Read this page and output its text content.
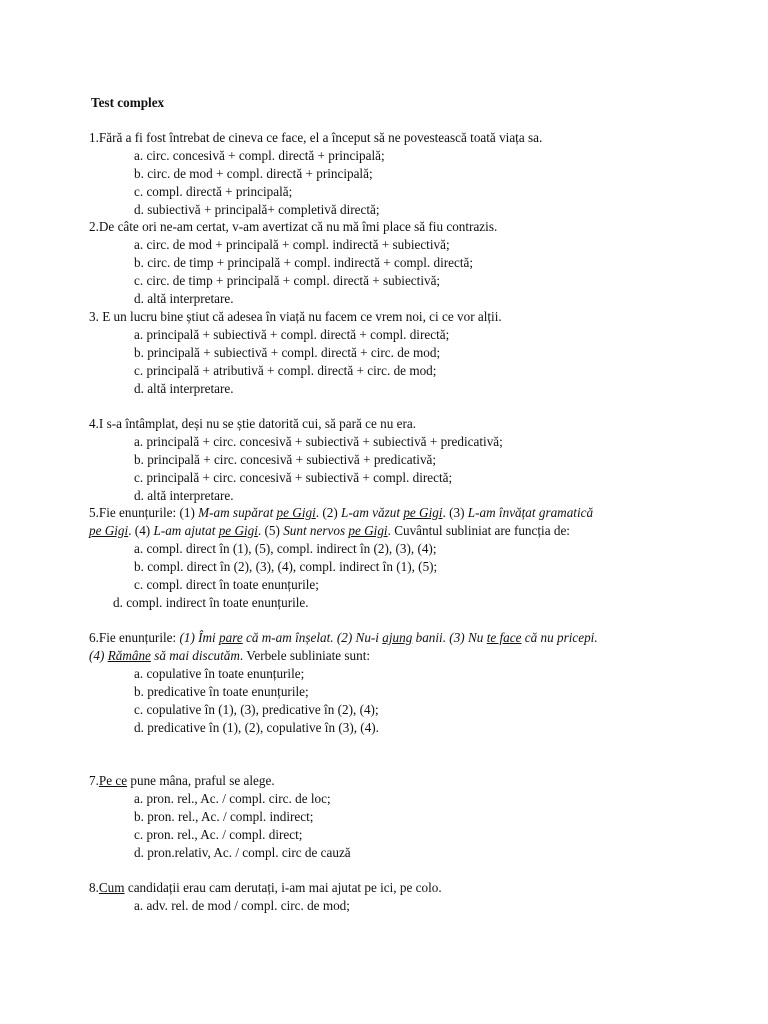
Test complex
1.Fără a fi fost întrebat de cineva ce face, el a început să ne povestească toată viața sa.
a. circ. concesivă + compl. directă + principală;
b. circ. de mod + compl. directă + principală;
c. compl. directă + principală;
d. subiectivă + principală+ completivă directă;
2.De câte ori ne-am certat, v-am avertizat că nu mă îmi place să fiu contrazis.
a. circ. de mod + principală + compl. indirectă + subiectivă;
b. circ. de timp + principală + compl. indirectă + compl. directă;
c. circ. de timp + principală + compl. directă + subiectivă;
d. altă interpretare.
3. E un lucru bine știut că adesea în viață nu facem ce vrem noi, ci ce vor alții.
a. principală + subiectivă + compl. directă + compl. directă;
b. principală + subiectivă + compl. directă + circ. de mod;
c. principală + atributivă + compl. directă + circ. de mod;
d. altă interpretare.
4.I s-a întâmplat, deși nu se știe datorită cui, să pară ce nu era.
a. principală + circ. concesivă + subiectivă + subiectivă + predicativă;
b. principală + circ. concesivă + subiectivă + predicativă;
c. principală + circ. concesivă + subiectivă + compl. directă;
d. altă interpretare.
5.Fie enunțurile: (1) M-am supărat pe Gigi. (2) L-am văzut pe Gigi. (3) L-am învățat gramatică
pe Gigi. (4) L-am ajutat pe Gigi. (5) Sunt nervos pe Gigi. Cuvântul subliniat are funcția de:
a. compl. direct în (1), (5), compl. indirect în (2), (3), (4);
b. compl. direct în (2), (3), (4), compl. indirect în (1), (5);
c. compl. direct în toate enunțurile;
d. compl. indirect în toate enunțurile.
6.Fie enunțurile: (1) Îmi pare că m-am înșelat. (2) Nu-i ajung banii. (3) Nu te face că nu pricepi.
(4) Rămâne să mai discutăm. Verbele subliniate sunt:
a. copulative în toate enunțurile;
b. predicative în toate enunțurile;
c. copulative în (1), (3), predicative în (2), (4);
d. predicative în (1), (2), copulative în (3), (4).
7.Pe ce pune mâna, praful se alege.
a. pron. rel., Ac. / compl. circ. de loc;
b. pron. rel., Ac. / compl. indirect;
c. pron. rel., Ac. / compl. direct;
d. pron.relativ, Ac. / compl. circ de cauză
8.Cum candidații erau cam derutați, i-am mai ajutat pe ici, pe colo.
a. adv. rel. de mod / compl. circ. de mod;
